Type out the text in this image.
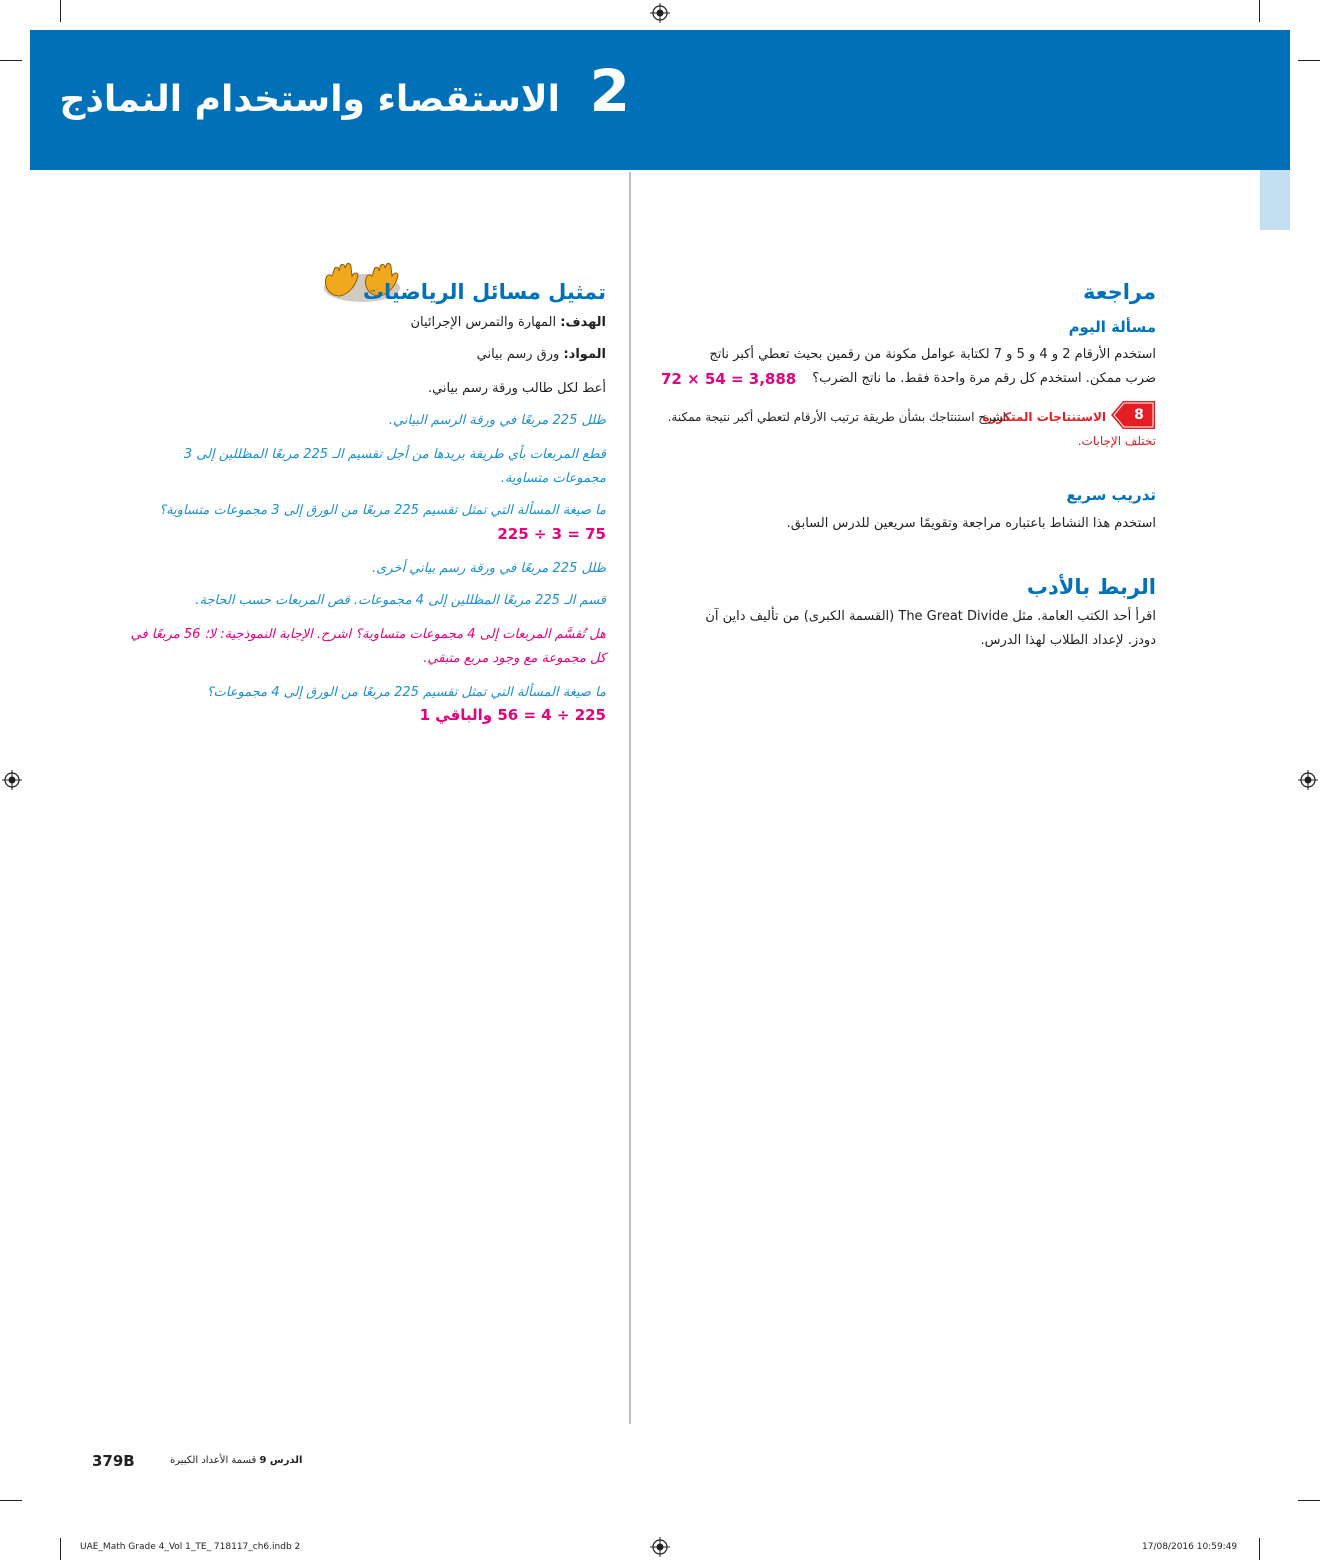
الاستقصاء واستخدام النماذج 2
مراجعة
مسألة اليوم
استخدم الأرقام 2 و 4 و 5 و 7 لكتابة عوامل مكونة من رقمين بحيث تعطي أكبر ناتج
ضرب ممكن. استخدم كل رقم مرة واحدة فقط. ما ناتج الضرب؟
72 × 54 = 3,888
8
الاستنتاجات المتكررة
اشرح استنتاجك بشأن طريقة ترتيب الأرقام لتعطي أكبر نتيجة ممكنة.
تختلف الإجابات.
تدريب سريع
استخدم هذا النشاط باعتباره مراجعة وتقويمًا سريعين للدرس السابق.
الربط بالأدب
اقرأ أحد الكتب العامة. مثل The Great Divide (القسمة الكبرى) من تأليف داين آن
دودز. لإعداد الطلاب لهذا الدرس.
تمثيل مسائل الرياضيات
الهدف: المهارة والتمرس الإجرائيان
المواد: ورق رسم بياني
أعط لكل طالب ورقة رسم بياني.
ظلل 225 مربعًا في ورقة الرسم البياني.
قطع المربعات بأي طريقة يريدها من أجل تقسيم الـ 225 مربعًا المظللين إلى 3
مجموعات متساوية.
ما صيغة المسألة التي تمثل تقسيم 225 مربعًا من الورق إلى 3 مجموعات متساوية؟
225 ÷ 3 = 75
ظلل 225 مربعًا في ورقة رسم بياني أخرى.
قسم الـ 225 مربعًا المظللين إلى 4 مجموعات. قص المربعات حسب الحاجة.
هل تُقسَّم المربعات إلى 4 مجموعات متساوية؟ اشرح. الإجابة النموذجية: لا؛ 56 مربعًا في
كل مجموعة مع وجود مربع متبقي.
ما صيغة المسألة التي تمثل تقسيم 225 مربعًا من الورق إلى 4 مجموعات؟
225 ÷ 4 = 56 والباقي 1
379B	الدرس 9 قسمة الأعداد الكبيرة
UAE_Math Grade 4_Vol 1_TE_ 718117_ch6.indb 2	17/08/2016 10:59:49
